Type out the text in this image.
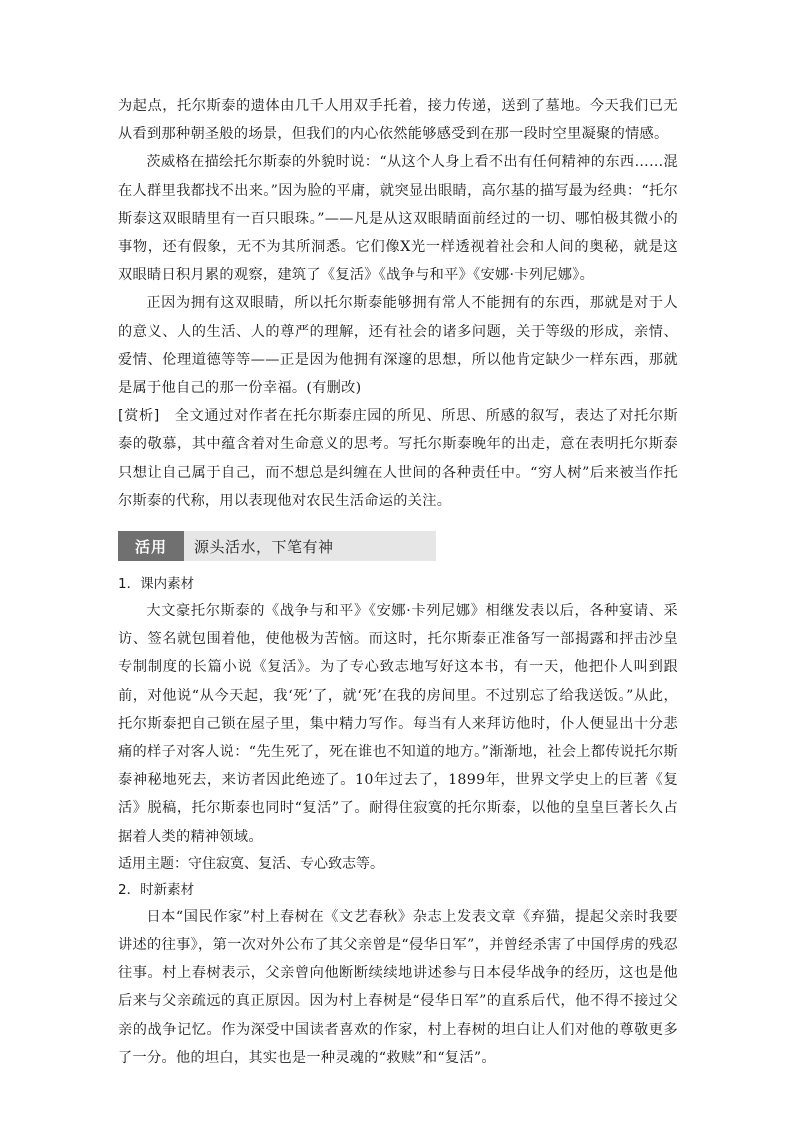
为起点，托尔斯泰的遗体由几千人用双手托着，接力传递，送到了墓地。今天我们已无从看到那种朝圣般的场景，但我们的内心依然能够感受到在那一段时空里凝聚的情感。

茨威格在描绘托尔斯泰的外貌时说：“从这个人身上看不出有任何精神的东西……混在人群里我都找不出来。”因为脸的平庸，就突显出眼睛，高尔基的描写最为经典：“托尔斯泰这双眼睛里有一百只眼珠。”——凡是从这双眼睛面前经过的一切、哪怕极其微小的事物，还有假象，无不为其所洞悉。它们像X光一样透视着社会和人间的奥秘，就是这双眼睛日积月累的观察，建筑了《复活》《战争与和平》《安娜·卡列尼娜》。

正因为拥有这双眼睛，所以托尔斯泰能够拥有常人不能拥有的东西，那就是对于人的意义、人的生活、人的尊严的理解，还有社会的诸多问题，关于等级的形成，亲情、爱情、伦理道德等等——正是因为他拥有深邃的思想，所以他肯定缺少一样东西，那就是属于他自己的那一份幸福。(有删改)

[赏析]　全文通过对作者在托尔斯泰庄园的所见、所思、所感的叙写，表达了对托尔斯泰的敬慕，其中蕴含着对生命意义的思考。写托尔斯泰晚年的出走，意在表明托尔斯泰只想让自己属于自己，而不想总是纠缠在人世间的各种责任中。“穷人树”后来被当作托尔斯泰的代称，用以表现他对农民生活命运的关注。

活用	源头活水，下笔有神
1．课内素材

大文豪托尔斯泰的《战争与和平》《安娜·卡列尼娜》相继发表以后，各种宴请、采访、签名就包围着他，使他极为苦恼。而这时，托尔斯泰正准备写一部揭露和抨击沙皇专制制度的长篇小说《复活》。为了专心致志地写好这本书，有一天，他把仆人叫到跟前，对他说“从今天起，我‘死’了，就‘死’在我的房间里。不过别忘了给我送饭。”从此，托尔斯泰把自己锁在屋子里，集中精力写作。每当有人来拜访他时，仆人便显出十分悲痛的样子对客人说：“先生死了，死在谁也不知道的地方。”渐渐地，社会上都传说托尔斯泰神秘地死去，来访者因此绝迹了。10年过去了，1899年，世界文学史上的巨著《复活》脱稿，托尔斯泰也同时“复活”了。耐得住寂寞的托尔斯泰，以他的皇皇巨著长久占据着人类的精神领域。

适用主题：守住寂寞、复活、专心致志等。
2．时新素材

日本“国民作家”村上春树在《文艺春秋》杂志上发表文章《弃猫，提起父亲时我要讲述的往事》，第一次对外公布了其父亲曾是“侵华日军”，并曾经杀害了中国俘虏的残忍往事。村上春树表示，父亲曾向他断断续续地讲述参与日本侵华战争的经历，这也是他后来与父亲疏远的真正原因。因为村上春树是“侵华日军”的直系后代，他不得不接过父亲的战争记忆。作为深受中国读者喜欢的作家，村上春树的坦白让人们对他的尊敬更多了一分。他的坦白，其实也是一种灵魂的“救赎”和“复活”。
